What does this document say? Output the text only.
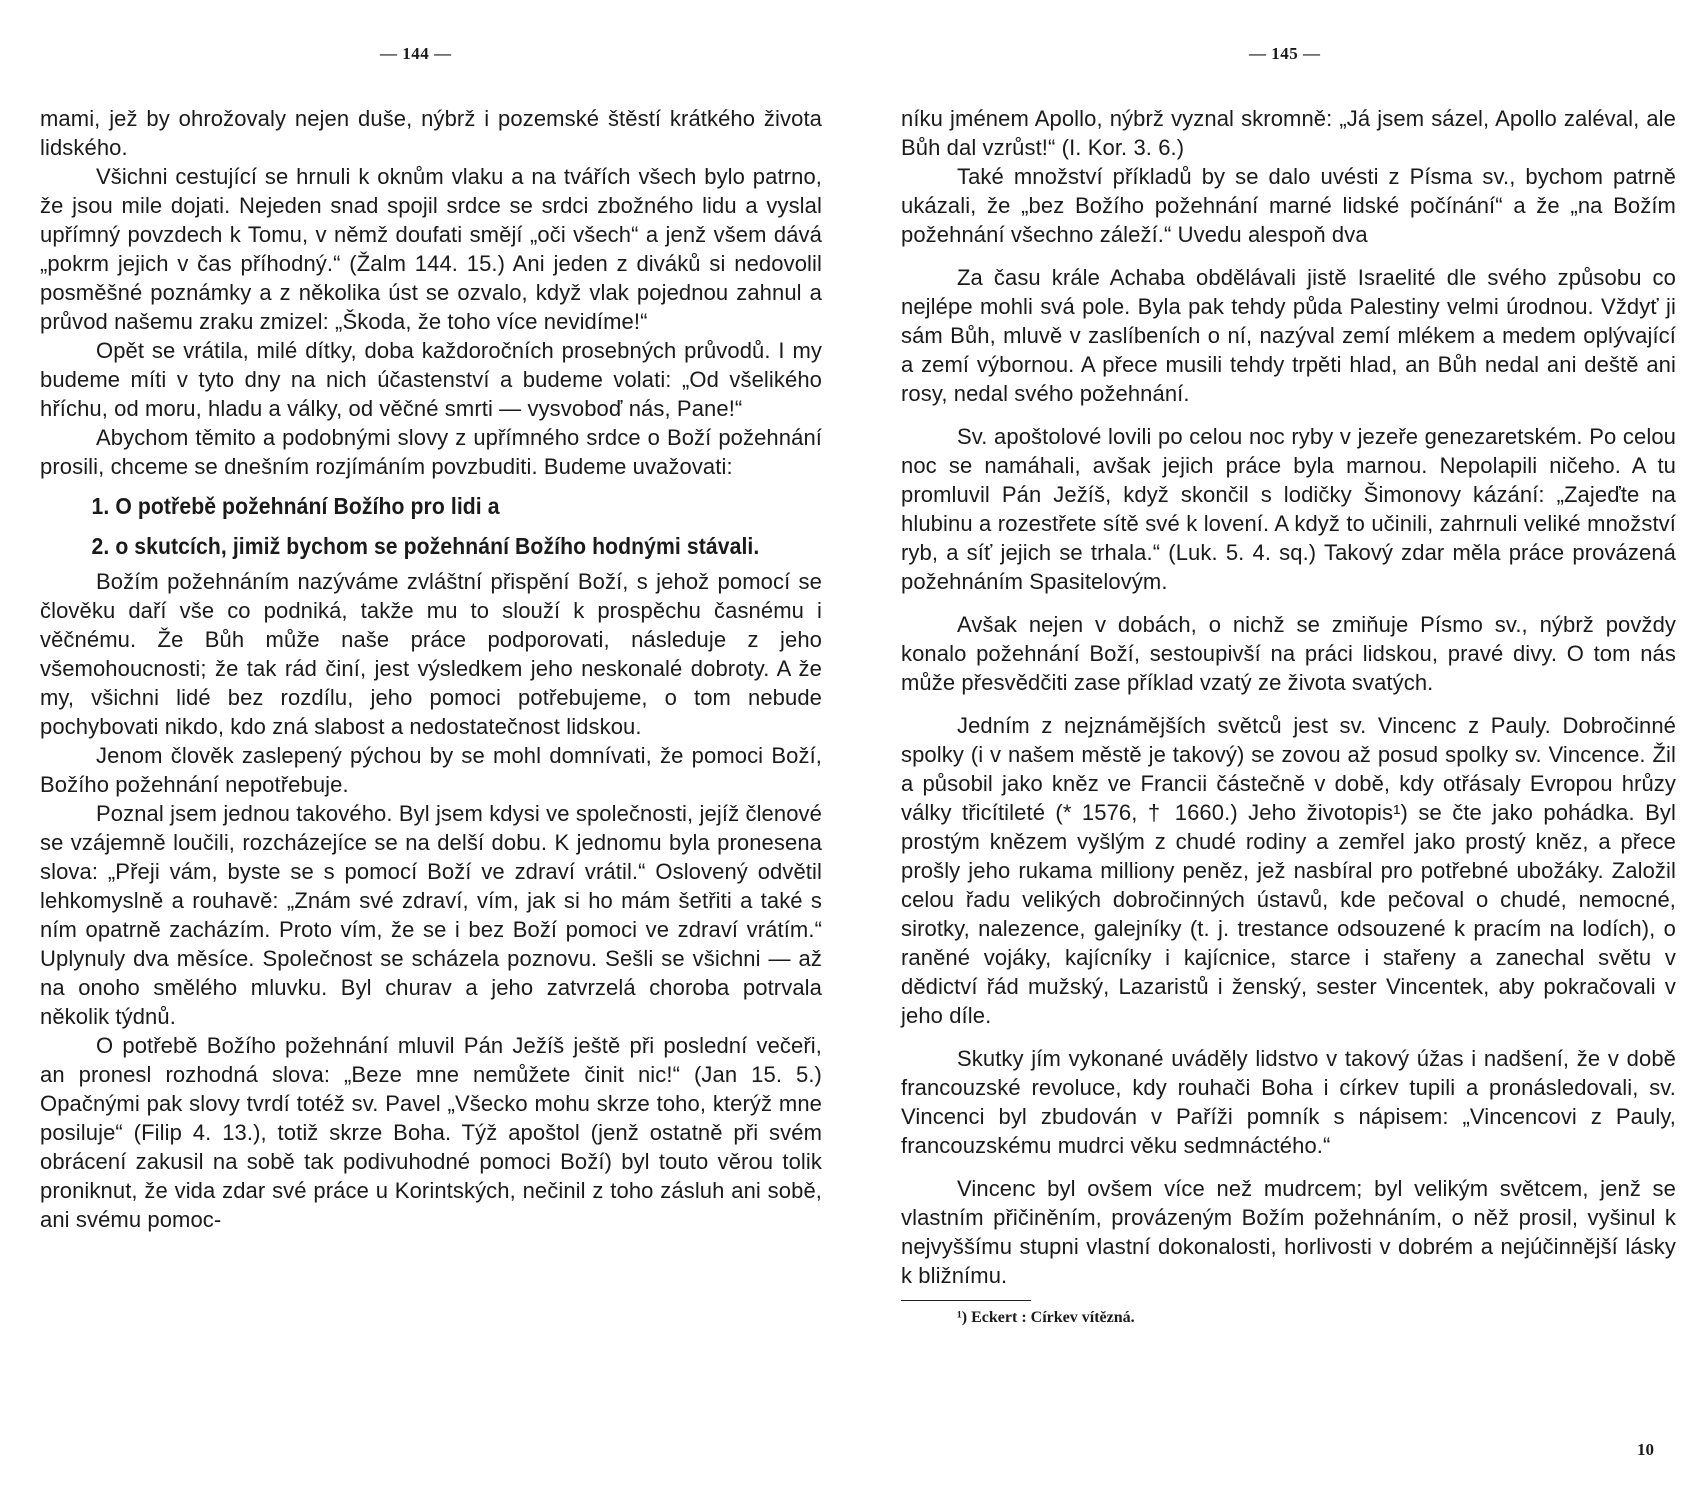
— 144 —

mami, jež by ohrožovaly nejen duše, nýbrž i pozemské štěstí krátkého života lidského.

Všichni cestující se hrnuli k oknům vlaku a na tvářích všech bylo patrno, že jsou mile dojati. Nejeden snad spojil srdce se srdci zbožného lidu a vyslal upřímný povzdech k Tomu, v němž doufati smějí „oči všech“ a jenž všem dává „pokrm jejich v čas příhodný.“ (Žalm 144. 15.) Ani jeden z diváků si nedovolil posměšné poznámky a z několika úst se ozvalo, když vlak pojednou zahnul a průvod našemu zraku zmizel: „Škoda, že toho více nevidíme!“

Opět se vrátila, milé dítky, doba každoročních prosebných průvodů. I my budeme míti v tyto dny na nich účastenství a budeme volati: „Od všelikého hříchu, od moru, hladu a války, od věčné smrti — vysvoboď nás, Pane!“

Abychom těmito a podobnými slovy z upřímného srdce o Boží požehnání prosili, chceme se dnešním rozjímáním povzbuditi. Budeme uvažovati:

1. O potřebě požehnání Božího pro lidi a

2. o skutcích, jimiž bychom se požehnání Božího hodnými stávali.

Božím požehnáním nazýváme zvláštní přispění Boží, s jehož pomocí se člověku daří vše co podniká, takže mu to slouží k prospěchu časnému i věčnému. Že Bůh může naše práce podporovati, následuje z jeho všemohoucnosti; že tak rád činí, jest výsledkem jeho neskonalé dobroty. A že my, všichni lidé bez rozdílu, jeho pomoci potřebujeme, o tom nebude pochybovati nikdo, kdo zná slabost a nedostatečnost lidskou.

Jenom člověk zaslepený pýchou by se mohl domnívati, že pomoci Boží, Božího požehnání nepotřebuje.

Poznal jsem jednou takového. Byl jsem kdysi ve společnosti, jejíž členové se vzájemně loučili, rozcházejíce se na delší dobu. K jednomu byla pronesena slova: „Přeji vám, byste se s pomocí Boží ve zdraví vrátil.“ Oslovený odvětil lehkomyslně a rouhavě: „Znám své zdraví, vím, jak si ho mám šetřiti a také s ním opatrně zacházím. Proto vím, že se i bez Boží pomoci ve zdraví vrátím.“ Uplynuly dva měsíce. Společnost se scházela poznovu. Sešli se všichni — až na onoho smělého mluvku. Byl churav a jeho zatvrzelá choroba potrvala několik týdnů.

O potřebě Božího požehnání mluvil Pán Ježíš ještě při poslední večeři, an pronesl rozhodná slova: „Beze mne nemůžete činit nic!“ (Jan 15. 5.) Opačnými pak slovy tvrdí totéž sv. Pavel „Všecko mohu skrze toho, kterýž mne posiluje“ (Filip 4. 13.), totiž skrze Boha. Týž apoštol (jenž ostatně při svém obrácení zakusil na sobě tak podivuhodné pomoci Boží) byl touto věrou tolik proniknut, že vida zdar své práce u Korintských, nečinil z toho zásluh ani sobě, ani svému pomoc-

— 145 —

níku jménem Apollo, nýbrž vyznal skromně: „Já jsem sázel, Apollo zaléval, ale Bůh dal vzrůst!“ (I. Kor. 3. 6.)

Také množství příkladů by se dalo uvésti z Písma sv., bychom patrně ukázali, že „bez Božího požehnání marné lidské počínání“ a že „na Božím požehnání všechno záleží.“ Uvedu alespoň dva

Za času krále Achaba obdělávali jistě Israelité dle svého způsobu co nejlépe mohli svá pole. Byla pak tehdy půda Palestiny velmi úrodnou. Vždyť ji sám Bůh, mluvě v zaslíbeních o ní, nazýval zemí mlékem a medem oplývající a zemí výbornou. A přece musili tehdy trpěti hlad, an Bůh nedal ani deště ani rosy, nedal svého požehnání.

Sv. apoštolové lovili po celou noc ryby v jezeře genezaretském. Po celou noc se namáhali, avšak jejich práce byla marnou. Nepolapili ničeho. A tu promluvil Pán Ježíš, když skončil s lodičky Šimonovy kázání: „Zajeďte na hlubinu a rozestřete sítě své k lovení. A když to učinili, zahrnuli veliké množství ryb, a síť jejich se trhala.“ (Luk. 5. 4. sq.) Takový zdar měla práce provázená požehnáním Spasitelovým.

Avšak nejen v dobách, o nichž se zmiňuje Písmo sv., nýbrž povždy konalo požehnání Boží, sestoupivší na práci lidskou, pravé divy. O tom nás může přesvědčiti zase příklad vzatý ze života svatých.

Jedním z nejznámějších světců jest sv. Vincenc z Pauly. Dobročinné spolky (i v našem městě je takový) se zovou až posud spolky sv. Vincence. Žil a působil jako kněz ve Francii částečně v době, kdy otřásaly Evropou hrůzy války třicítileté (* 1576, † 1660.) Jeho životopis¹) se čte jako pohádka. Byl prostým knězem vyšlým z chudé rodiny a zemřel jako prostý kněz, a přece prošly jeho rukama milliony peněz, jež nasbíral pro potřebné ubožáky. Založil celou řadu velikých dobročinných ústavů, kde pečoval o chudé, nemocné, sirotky, nalezence, galejníky (t. j. trestance odsouzené k pracím na lodích), o raněné vojáky, kajícníky i kajícnice, starce i stařeny a zanechal světu v dědictví řád mužský, Lazaristů i ženský, sester Vincentek, aby pokračovali v jeho díle.

Skutky jím vykonané uváděly lidstvo v takový úžas i nadšení, že v době francouzské revoluce, kdy rouhači Boha i církev tupili a pronásledovali, sv. Vincenci byl zbudován v Paříži pomník s nápisem: „Vincencovi z Pauly, francouzskému mudrci věku sedmnáctého.“

Vincenc byl ovšem více než mudrcem; byl velikým světcem, jenž se vlastním přičiněním, provázeným Božím požehnáním, o něž prosil, vyšinul k nejvyššímu stupni vlastní dokonalosti, horlivosti v dobrém a nejúčinnější lásky k bližnímu.

¹) Eckert : Církev vítězná.
10
